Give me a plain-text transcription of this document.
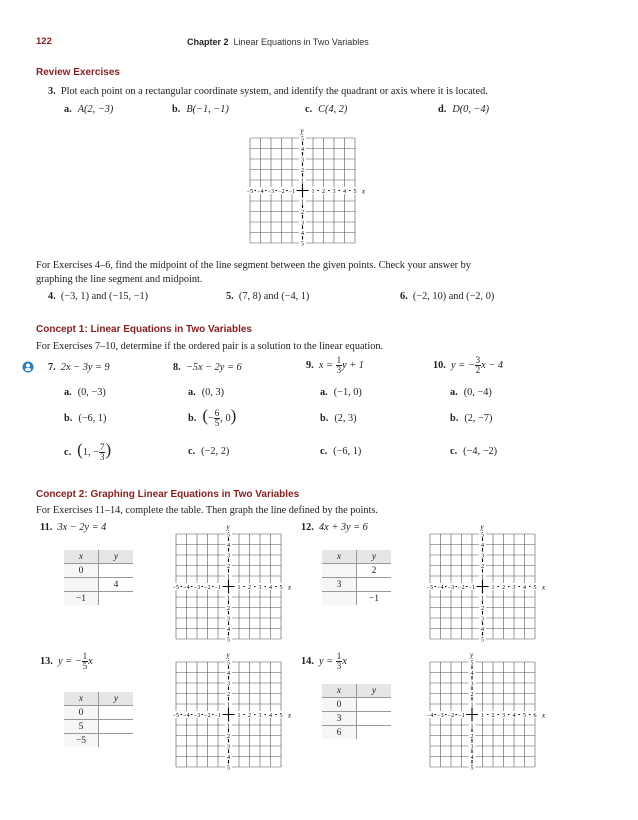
122	Chapter 2 Linear Equations in Two Variables
Review Exercises
3. Plot each point on a rectangular coordinate system, and identify the quadrant or axis where it is located.
a. A(2, −3)	b. B(−1, −1)	c. C(4, 2)	d. D(0, −4)
x
y
−5 −4 −3 −2 −1	1 2 3 4 5
5
4
3
2
1
1
2
3
4
5
For Exercises 4–6, find the midpoint of the line segment between the given points. Check your answer by
graphing the line segment and midpoint.
4. (−3, 1) and (−15, −1)	5. (7, 8) and (−4, 1)	6. (−2, 10) and (−2, 0)
Concept 1: Linear Equations in Two Variables
For Exercises 7–10, determine if the ordered pair is a solution to the linear equation.
7. 2x − 3y = 9
a. (0, −3)
b. (−6, 1)
c. (1, − $\frac{7}{3}$ )
8. −5x − 2y = 6
a. (0, 3)
b. (− $\frac{6}{5}$ , 0)
c. (−2, 2)
9. $x = \frac{1}{3}$ y + 1
a. (−1, 0)
b. (2, 3)
c. (−6, 1)
10. y = − $\frac{3}{2}$ x − 4
a. (0, −4)
b. (2, −7)
c. (−4, −2)
Concept 2: Graphing Linear Equations in Two Variables
For Exercises 11–14, complete the table. Then graph the line defined by the points.
11. 3x − 2y = 4
x	y
0	
	4
−1	
x
y
−5 −4 −3 −2 −1	1 2 3 4 5
5
4
3
2
1
1
2
3
4
5
12. 4x + 3y = 6
x	y
	2
3	
	−1
x
y
−5 −4 −3 −2 −1	1 2 3 4 5
5
4
3
2
1
1
2
3
4
5
13. y = − $\frac{1}{5}$ x
x	y
0	
5	
−5	
x
y
−5 −4 −3 −2 −1	1 2 3 4 5
5
4
3
2
1
1
2
3
4
5
14. $y = \frac{1}{3}$ x
x	y
0	
3	
6	
x
y
−4 −3 −2 −1	1 2 3 4 5 6
5
4
3
2
1
1
2
3
4
5
